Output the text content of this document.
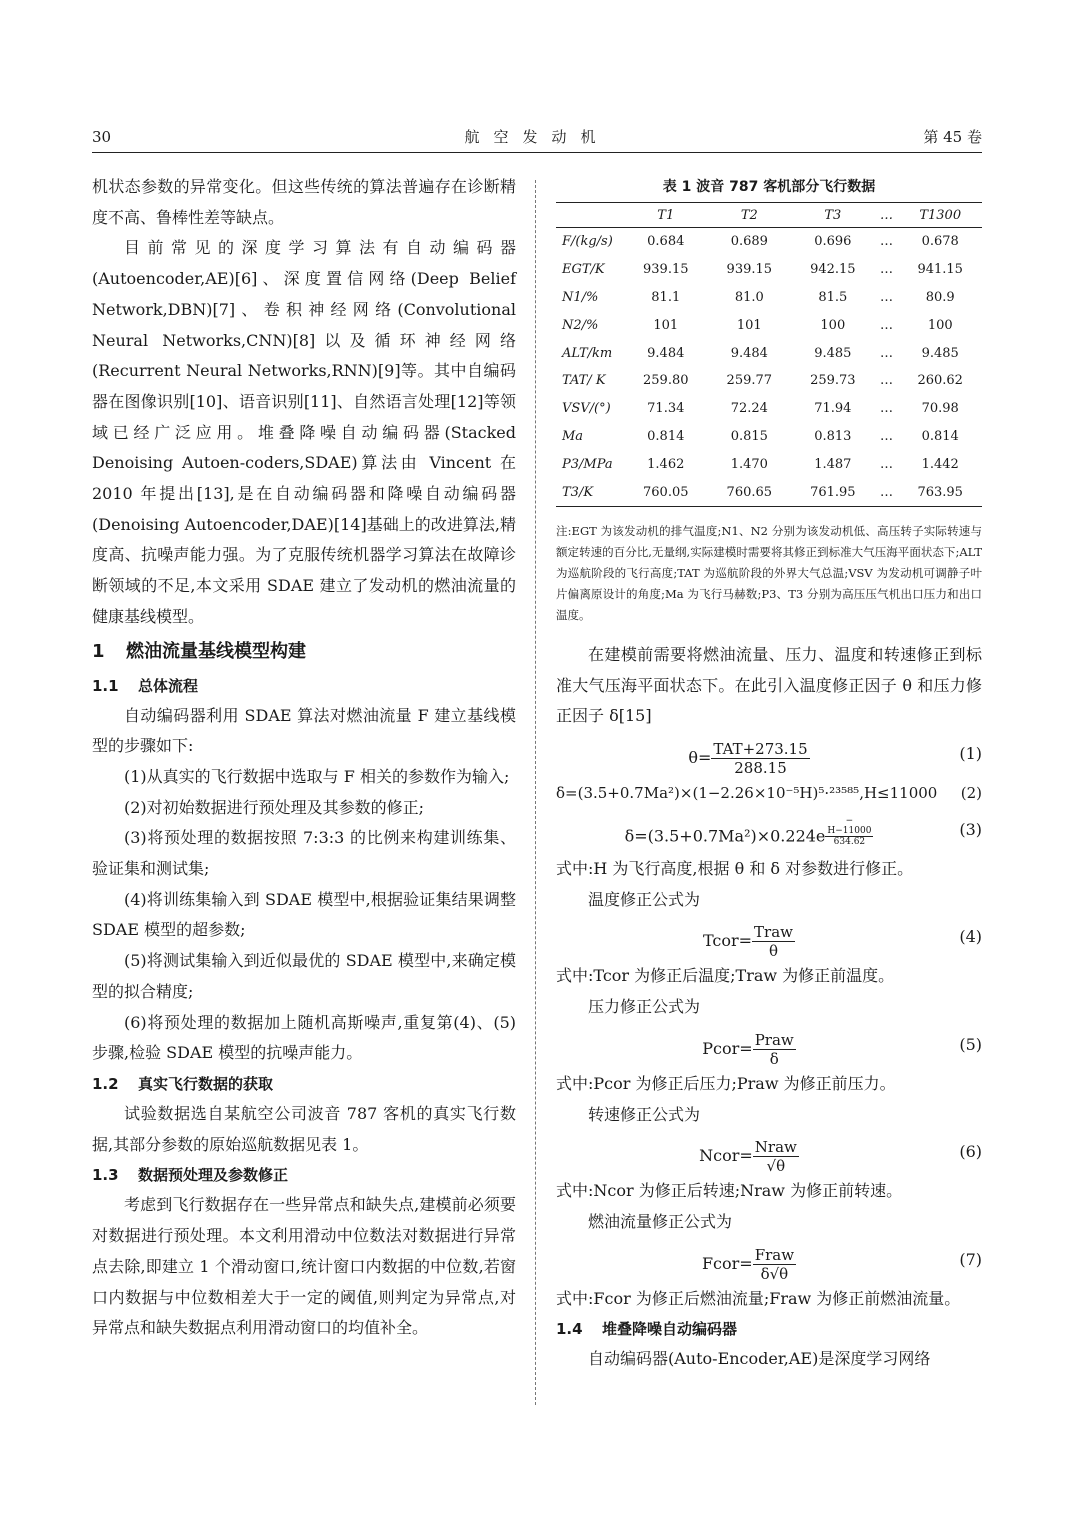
30	航空发动机	第 45 卷

机状态参数的异常变化。但这些传统的算法普遍存在诊断精度不高、鲁棒性差等缺点。

目前常见的深度学习算法有自动编码器(Autoencoder,AE)[6]、深度置信网络(Deep Belief Network,DBN)[7]、卷积神经网络(Convolutional Neural Networks,CNN)[8]以及循环神经网络(Recurrent Neural Networks,RNN)[9]等。其中自编码器在图像识别[10]、语音识别[11]、自然语言处理[12]等领域已经广泛应用。堆叠降噪自动编码器(Stacked Denoising Autoen-coders,SDAE)算法由 Vincent 在 2010 年提出[13],是在自动编码器和降噪自动编码器(Denoising Autoencoder,DAE)[14]基础上的改进算法,精度高、抗噪声能力强。为了克服传统机器学习算法在故障诊断领域的不足,本文采用 SDAE 建立了发动机的燃油流量的健康基线模型。

1 燃油流量基线模型构建
1.1 总体流程

自动编码器利用 SDAE 算法对燃油流量 F 建立基线模型的步骤如下:

(1)从真实的飞行数据中选取与 F 相关的参数作为输入;

(2)对初始数据进行预处理及其参数的修正;

(3)将预处理的数据按照 7:3:3 的比例来构建训练集、验证集和测试集;

(4)将训练集输入到 SDAE 模型中,根据验证集结果调整 SDAE 模型的超参数;

(5)将测试集输入到近似最优的 SDAE 模型中,来确定模型的拟合精度;

(6)将预处理的数据加上随机高斯噪声,重复第(4)、(5)步骤,检验 SDAE 模型的抗噪声能力。

1.2 真实飞行数据的获取

试验数据选自某航空公司波音 787 客机的真实飞行数据,其部分参数的原始巡航数据见表 1。

1.3 数据预处理及参数修正

考虑到飞行数据存在一些异常点和缺失点,建模前必须要对数据进行预处理。本文利用滑动中位数法对数据进行异常点去除,即建立 1 个滑动窗口,统计窗口内数据的中位数,若窗口内数据与中位数相差大于一定的阈值,则判定为异常点,对异常点和缺失数据点利用滑动窗口的均值补全。

表 1 波音 787 客机部分飞行数据
	T1	T2	T3	…	T1300
F/(kg/s)	0.684	0.689	0.696	…	0.678
EGT/K	939.15	939.15	942.15	…	941.15
N1/%	81.1	81.0	81.5	…	80.9
N2/%	101	101	100	…	100
ALT/km	9.484	9.484	9.485	…	9.485
TAT/ K	259.80	259.77	259.73	…	260.62
VSV/(°)	71.34	72.24	71.94	…	70.98
Ma	0.814	0.815	0.813	…	0.814
P3/MPa	1.462	1.470	1.487	…	1.442
T3/K	760.05	760.65	761.95	…	763.95
注:EGT 为该发动机的排气温度;N1、N2 分别为该发动机低、高压转子实际转速与额定转速的百分比,无量纲,实际建模时需要将其修正到标准大气压海平面状态下;ALT 为巡航阶段的飞行高度;TAT 为巡航阶段的外界大气总温;VSV 为发动机可调静子叶片偏离原设计的角度;Ma 为飞行马赫数;P3、T3 分别为高压压气机出口压力和出口温度。

在建模前需要将燃油流量、压力、温度和转速修正到标准大气压海平面状态下。在此引入温度修正因子 θ 和压力修正因子 δ[15]

$\theta= \frac{\text{TAT+273.15}}{288.15}$	(1)
δ=(3.5+0.7Ma²)×(1−2.26×10⁻⁵H)⁵·²³⁵⁸⁵,H≤11000 (2)
$\delta=(3.5+0.7Ma^2)\times 0.224e^{- H-11000 634.62}$
(3)

式中:H 为飞行高度,根据 θ 和 δ 对参数进行修正。

温度修正公式为

Tcor= $\frac{\text{Traw}}{\theta}$	(4)

式中:Tcor 为修正后温度;Traw 为修正前温度。

压力修正公式为

Pcor= $\frac{\text{Praw}}{\delta}$	(5)

式中:Pcor 为修正后压力;Praw 为修正前压力。

转速修正公式为

Ncor= $\frac{\text{Nraw}}{√\theta}$	(6)

式中:Ncor 为修正后转速;Nraw 为修正前转速。

燃油流量修正公式为

Fcor= $\frac{\text{Fraw}}{\delta√\theta}$	(7)

式中:Fcor 为修正后燃油流量;Fraw 为修正前燃油流量。

1.4 堆叠降噪自动编码器

自动编码器(Auto-Encoder,AE)是深度学习网络
